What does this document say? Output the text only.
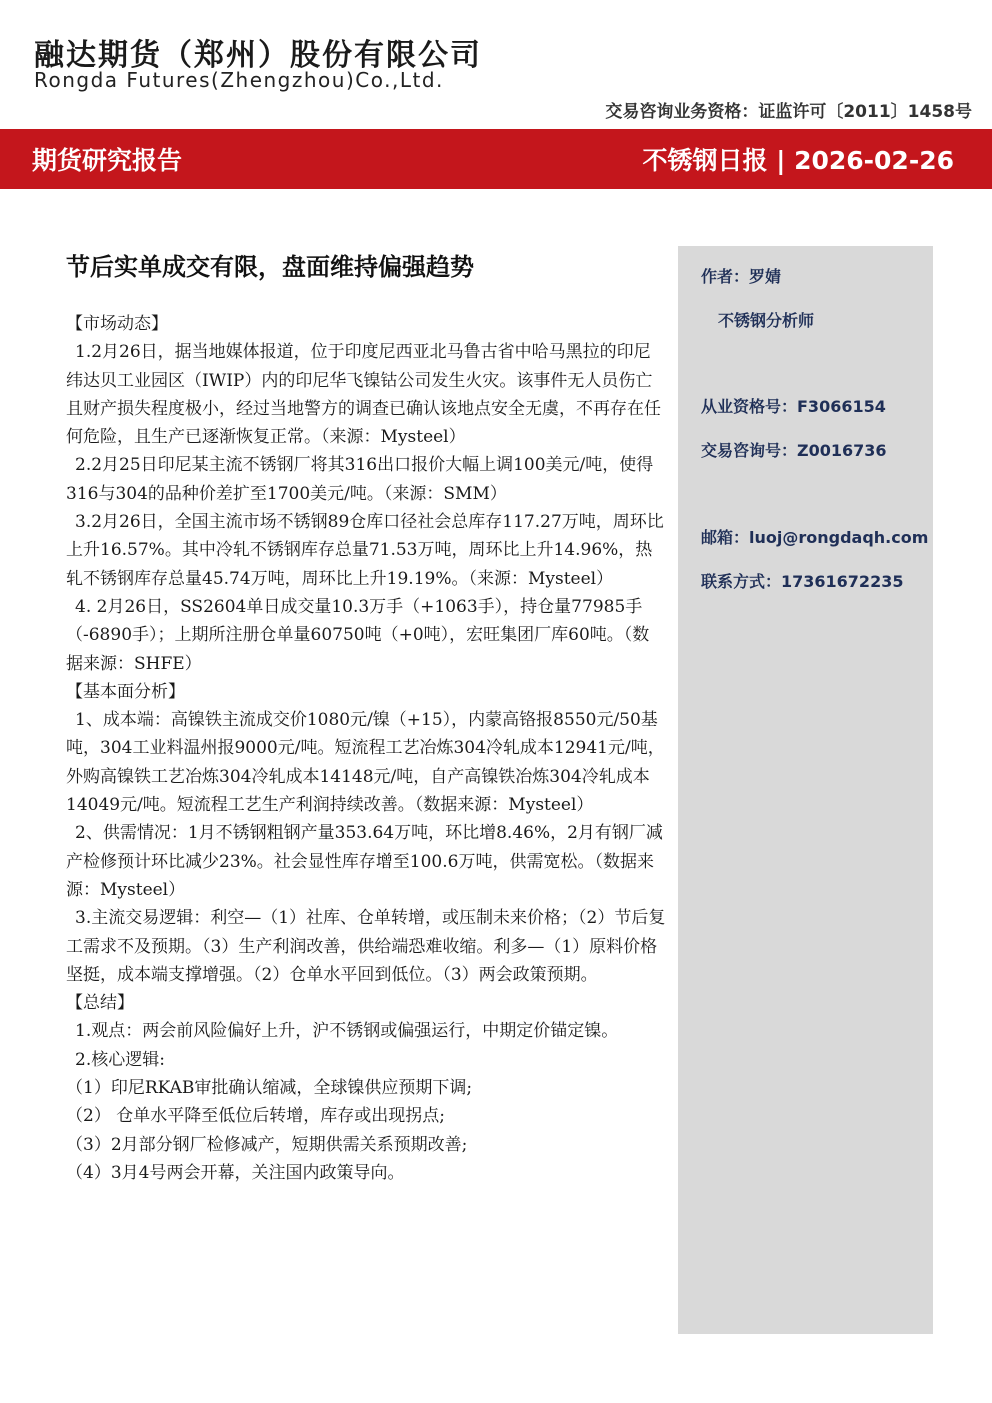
融达期货（郑州）股份有限公司
Rongda Futures(Zhengzhou)Co.,Ltd.
交易咨询业务资格：证监许可〔2011〕1458号
期货研究报告	不锈钢日报 | 2026-02-26
节后实单成交有限，盘面维持偏强趋势

【市场动态】

1.2月26日，据当地媒体报道，位于印度尼西亚北马鲁古省中哈马黑拉的印尼纬达贝工业园区（IWIP）内的印尼华飞镍钴公司发生火灾。该事件无人员伤亡且财产损失程度极小，经过当地警方的调查已确认该地点安全无虞，不再存在任何危险，且生产已逐渐恢复正常。（来源：Mysteel）

2.2月25日印尼某主流不锈钢厂将其316出口报价大幅上调100美元/吨，使得316与304的品种价差扩至1700美元/吨。（来源：SMM）

3.2月26日，全国主流市场不锈钢89仓库口径社会总库存117.27万吨，周环比上升16.57%。其中冷轧不锈钢库存总量71.53万吨，周环比上升14.96%，热轧不锈钢库存总量45.74万吨，周环比上升19.19%。（来源：Mysteel）

4. 2月26日，SS2604单日成交量10.3万手（+1063手），持仓量77985手（-6890手）；上期所注册仓单量60750吨（+0吨），宏旺集团厂库60吨。（数据来源：SHFE）

【基本面分析】

1、成本端：高镍铁主流成交价1080元/镍（+15），内蒙高铬报8550元/50基吨，304工业料温州报9000元/吨。短流程工艺冶炼304冷轧成本12941元/吨，外购高镍铁工艺冶炼304冷轧成本14148元/吨，自产高镍铁冶炼304冷轧成本14049元/吨。短流程工艺生产利润持续改善。（数据来源：Mysteel）

2、供需情况：1月不锈钢粗钢产量353.64万吨，环比增8.46%，2月有钢厂减产检修预计环比减少23%。社会显性库存增至100.6万吨，供需宽松。（数据来源：Mysteel）

3.主流交易逻辑：利空—（1）社库、仓单转增，或压制未来价格；（2）节后复工需求不及预期。（3）生产利润改善，供给端恐难收缩。利多—（1）原料价格坚挺，成本端支撑增强。（2）仓单水平回到低位。（3）两会政策预期。

【总结】

1.观点：两会前风险偏好上升，沪不锈钢或偏强运行，中期定价锚定镍。

2.核心逻辑:

（1）印尼RKAB审批确认缩减，全球镍供应预期下调;

（2） 仓单水平降至低位后转增，库存或出现拐点;

（3）2月部分钢厂检修减产，短期供需关系预期改善;

（4）3月4号两会开幕，关注国内政策导向。

作者：罗婧
不锈钢分析师
从业资格号：F3066154
交易咨询号：Z0016736
邮箱：luoj@rongdaqh.com
联系方式：17361672235
